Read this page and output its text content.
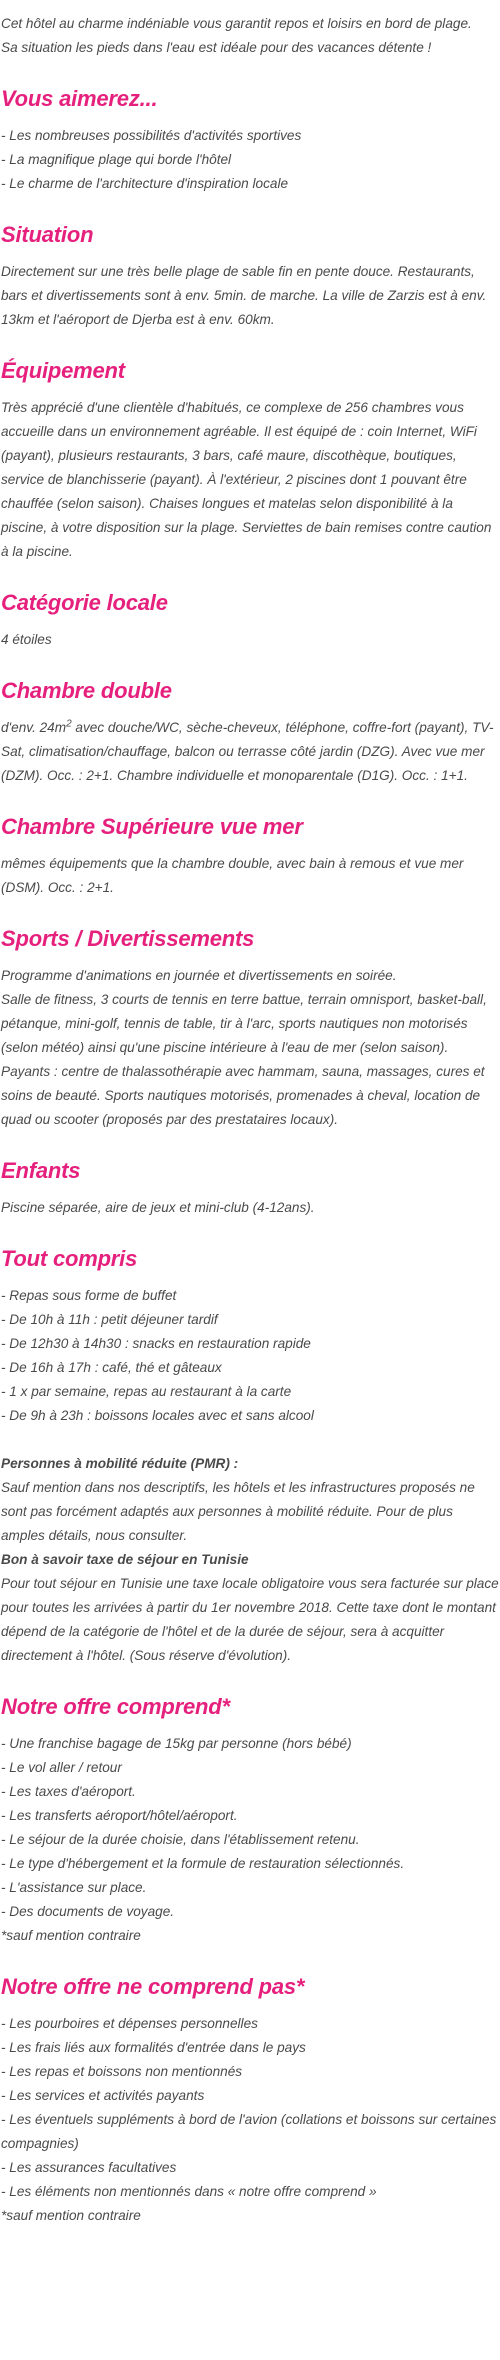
Cet hôtel au charme indéniable vous garantit repos et loisirs en bord de plage.

Sa situation les pieds dans l'eau est idéale pour des vacances détente !

Vous aimerez...
- Les nombreuses possibilités d'activités sportives
- La magnifique plage qui borde l'hôtel
- Le charme de l'architecture d'inspiration locale
Situation

Directement sur une très belle plage de sable fin en pente douce. Restaurants, bars et divertissements sont à env. 5min. de marche. La ville de Zarzis est à env. 13km et l'aéroport de Djerba est à env. 60km.

Équipement

Très apprécié d'une clientèle d'habitués, ce complexe de 256 chambres vous accueille dans un environnement agréable. Il est équipé de : coin Internet, WiFi (payant), plusieurs restaurants, 3 bars, café maure, discothèque, boutiques, service de blanchisserie (payant). À l'extérieur, 2 piscines dont 1 pouvant être chauffée (selon saison). Chaises longues et matelas selon disponibilité à la piscine, à votre disposition sur la plage. Serviettes de bain remises contre caution à la piscine.

Catégorie locale

4 étoiles

Chambre double

d'env. $24m^2$ avec douche/WC, sèche-cheveux, téléphone, coffre-fort (payant), TV-Sat, climatisation/chauffage, balcon ou terrasse côté jardin (DZG). Avec vue mer (DZM). Occ. : 2+1. Chambre individuelle et monoparentale (D1G). Occ. : 1+1.

Chambre Supérieure vue mer

mêmes équipements que la chambre double, avec bain à remous et vue mer (DSM). Occ. : 2+1.

Sports / Divertissements

Programme d'animations en journée et divertissements en soirée.

Salle de fitness, 3 courts de tennis en terre battue, terrain omnisport, basket-ball, pétanque, mini-golf, tennis de table, tir à l'arc, sports nautiques non motorisés (selon météo) ainsi qu'une piscine intérieure à l'eau de mer (selon saison).

Payants : centre de thalassothérapie avec hammam, sauna, massages, cures et soins de beauté. Sports nautiques motorisés, promenades à cheval, location de quad ou scooter (proposés par des prestataires locaux).

Enfants

Piscine séparée, aire de jeux et mini-club (4-12ans).

Tout compris
- Repas sous forme de buffet
- De 10h à 11h : petit déjeuner tardif
- De 12h30 à 14h30 : snacks en restauration rapide
- De 16h à 17h : café, thé et gâteaux
- 1 x par semaine, repas au restaurant à la carte
- De 9h à 23h : boissons locales avec et sans alcool

Personnes à mobilité réduite (PMR) :

Sauf mention dans nos descriptifs, les hôtels et les infrastructures proposés ne sont pas forcément adaptés aux personnes à mobilité réduite. Pour de plus amples détails, nous consulter.

Bon à savoir taxe de séjour en Tunisie

Pour tout séjour en Tunisie une taxe locale obligatoire vous sera facturée sur place pour toutes les arrivées à partir du 1er novembre 2018. Cette taxe dont le montant dépend de la catégorie de l'hôtel et de la durée de séjour, sera à acquitter directement à l'hôtel. (Sous réserve d'évolution).

Notre offre comprend*
- Une franchise bagage de 15kg par personne (hors bébé)
- Le vol aller / retour
- Les taxes d'aéroport.
- Les transferts aéroport/hôtel/aéroport.
- Le séjour de la durée choisie, dans l'établissement retenu.
- Le type d'hébergement et la formule de restauration sélectionnés.
- L'assistance sur place.
- Des documents de voyage.
*sauf mention contraire
Notre offre ne comprend pas*
- Les pourboires et dépenses personnelles
- Les frais liés aux formalités d'entrée dans le pays
- Les repas et boissons non mentionnés
- Les services et activités payants
- Les éventuels suppléments à bord de l'avion (collations et boissons sur certaines compagnies)
- Les assurances facultatives
- Les éléments non mentionnés dans « notre offre comprend »
*sauf mention contraire
